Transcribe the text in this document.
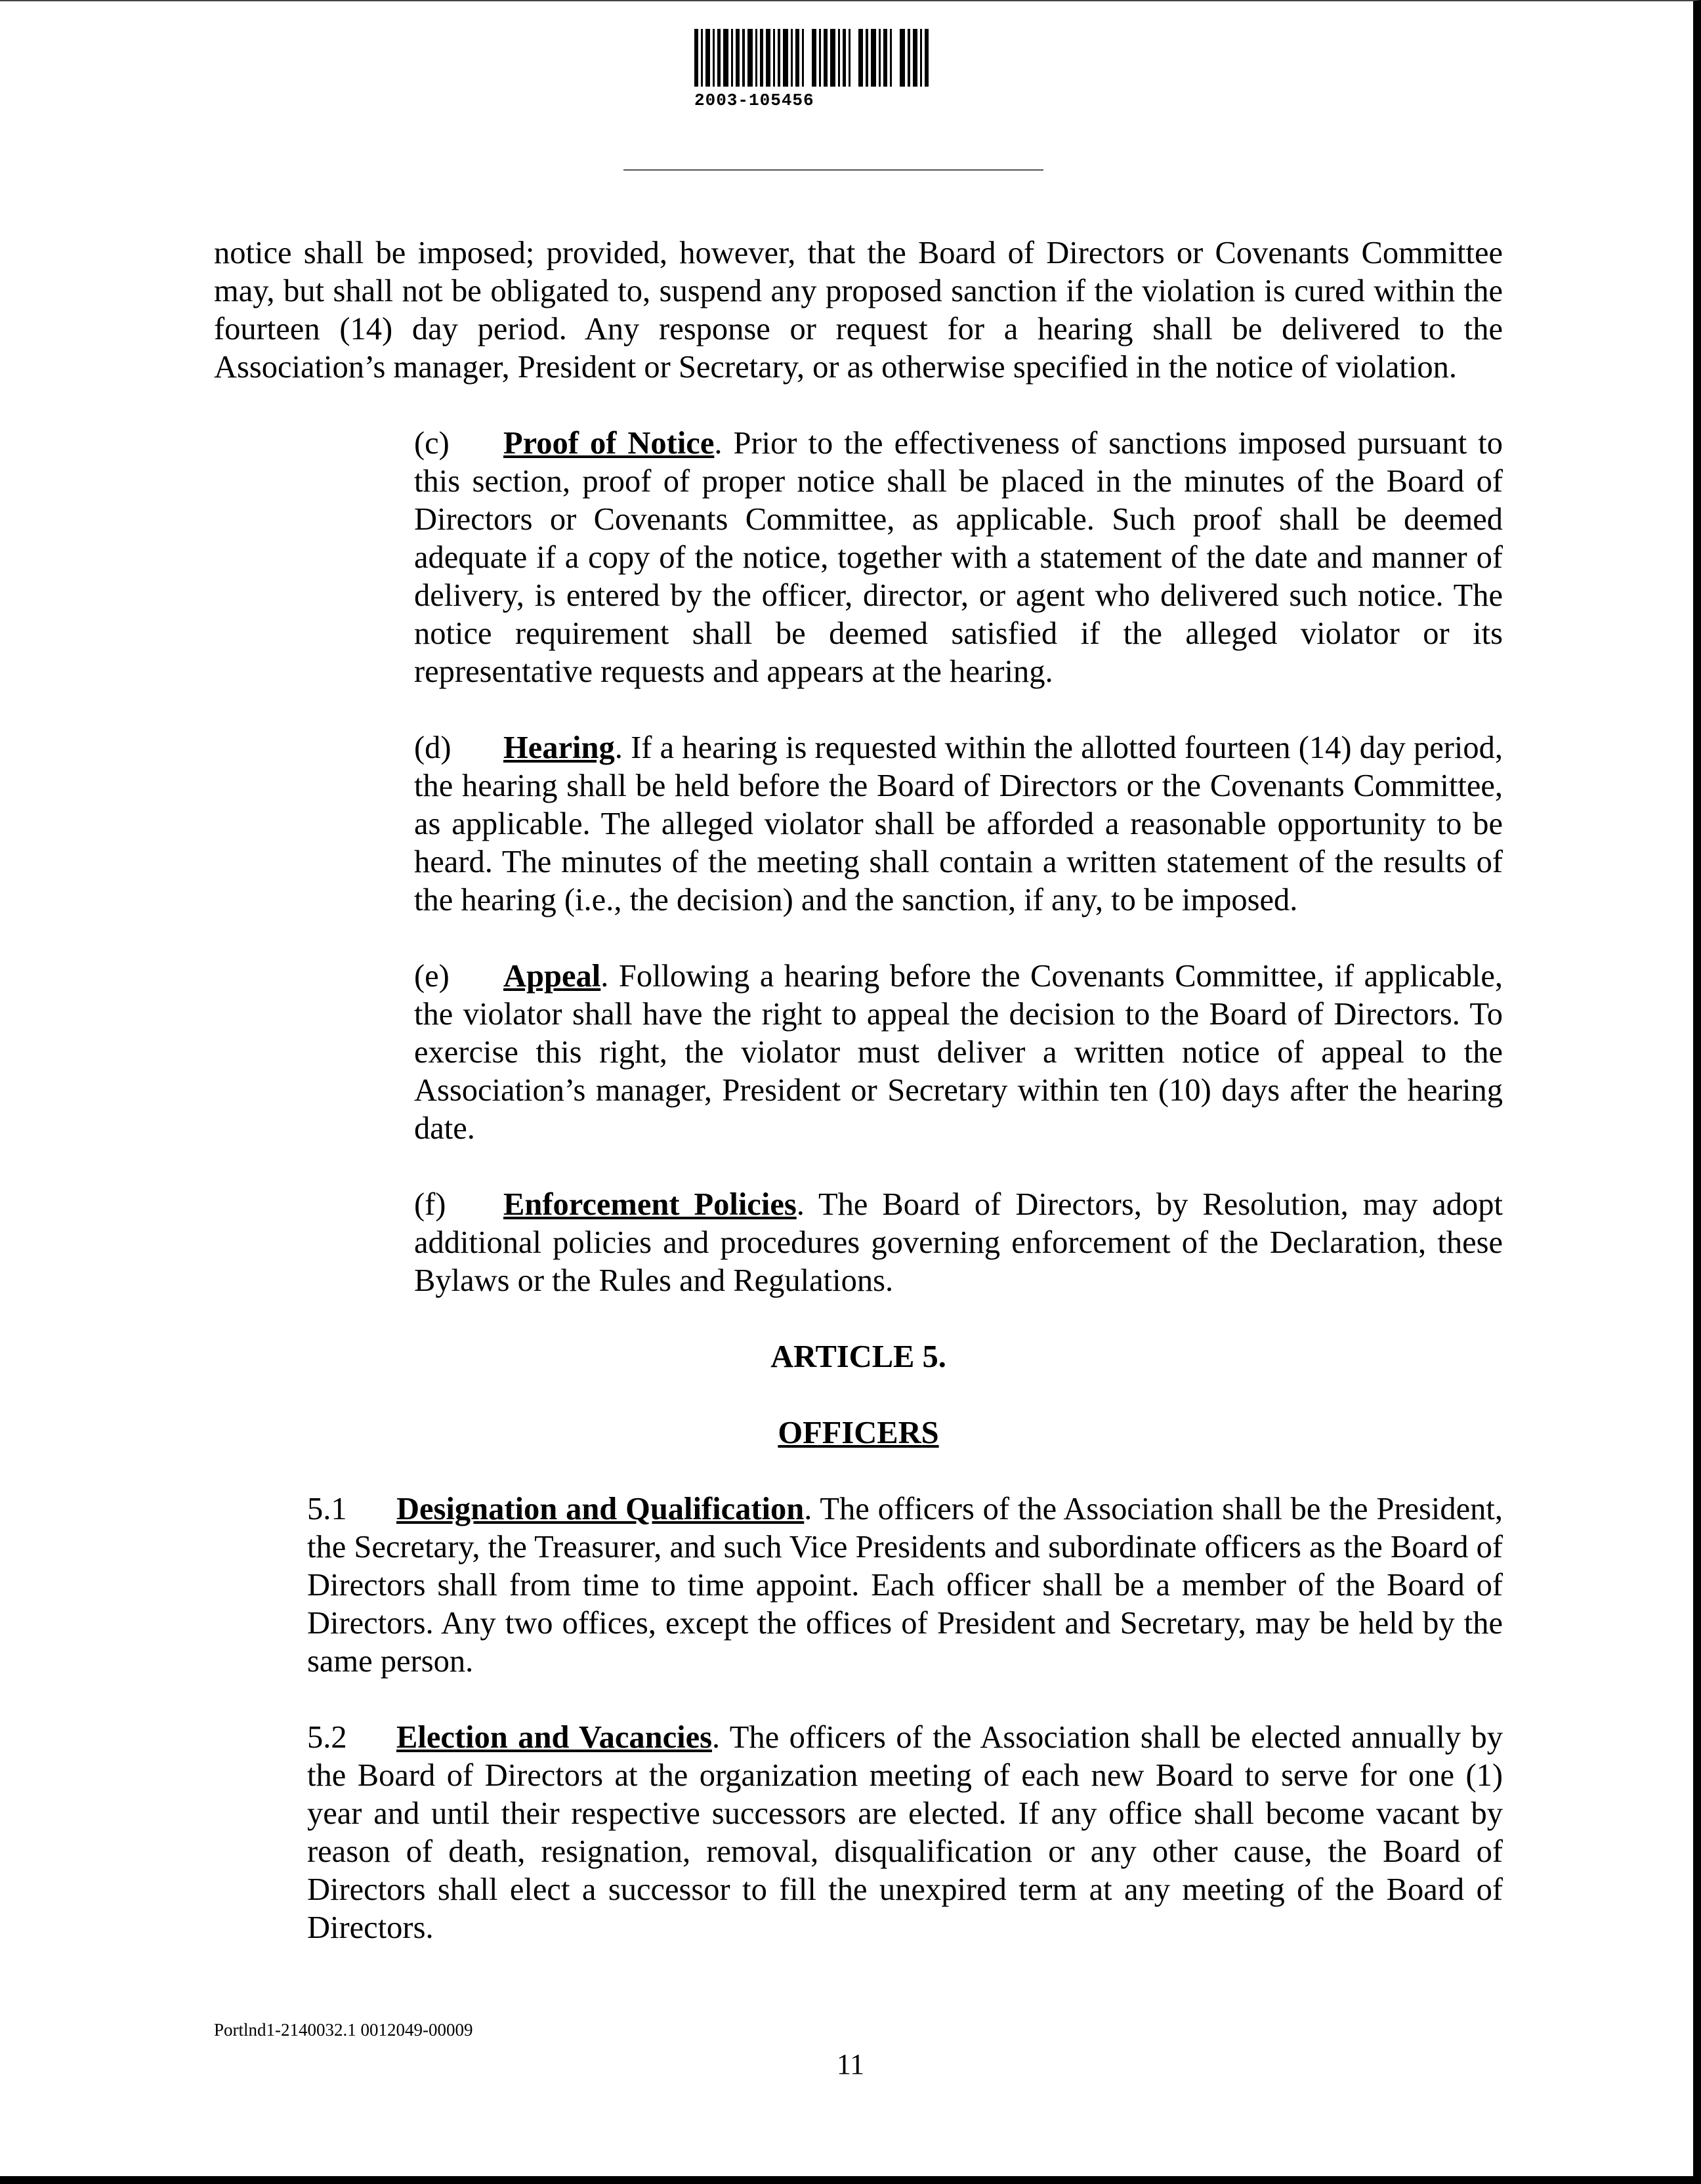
2003-105456

notice shall be imposed; provided, however, that the Board of Directors or Covenants Committee may, but shall not be obligated to, suspend any proposed sanction if the violation is cured within the fourteen (14) day period. Any response or request for a hearing shall be delivered to the Association’s manager, President or Secretary, or as otherwise specified in the notice of violation.

(c) Proof of Notice. Prior to the effectiveness of sanctions imposed pursuant to this section, proof of proper notice shall be placed in the minutes of the Board of Directors or Covenants Committee, as applicable. Such proof shall be deemed adequate if a copy of the notice, together with a statement of the date and manner of delivery, is entered by the officer, director, or agent who delivered such notice. The notice requirement shall be deemed satisfied if the alleged violator or its representative requests and appears at the hearing.

(d) Hearing. If a hearing is requested within the allotted fourteen (14) day period, the hearing shall be held before the Board of Directors or the Covenants Committee, as applicable. The alleged violator shall be afforded a reasonable opportunity to be heard. The minutes of the meeting shall contain a written statement of the results of the hearing (i.e., the decision) and the sanction, if any, to be imposed.

(e) Appeal. Following a hearing before the Covenants Committee, if applicable, the violator shall have the right to appeal the decision to the Board of Directors. To exercise this right, the violator must deliver a written notice of appeal to the Association’s manager, President or Secretary within ten (10) days after the hearing date.

(f) Enforcement Policies. The Board of Directors, by Resolution, may adopt additional policies and procedures governing enforcement of the Declaration, these Bylaws or the Rules and Regulations.

ARTICLE 5.

OFFICERS

5.1 Designation and Qualification. The officers of the Association shall be the President, the Secretary, the Treasurer, and such Vice Presidents and subordinate officers as the Board of Directors shall from time to time appoint. Each officer shall be a member of the Board of Directors. Any two offices, except the offices of President and Secretary, may be held by the same person.

5.2 Election and Vacancies. The officers of the Association shall be elected annually by the Board of Directors at the organization meeting of each new Board to serve for one (1) year and until their respective successors are elected. If any office shall become vacant by reason of death, resignation, removal, disqualification or any other cause, the Board of Directors shall elect a successor to fill the unexpired term at any meeting of the Board of Directors.

Portlnd1-2140032.1 0012049-00009
11
